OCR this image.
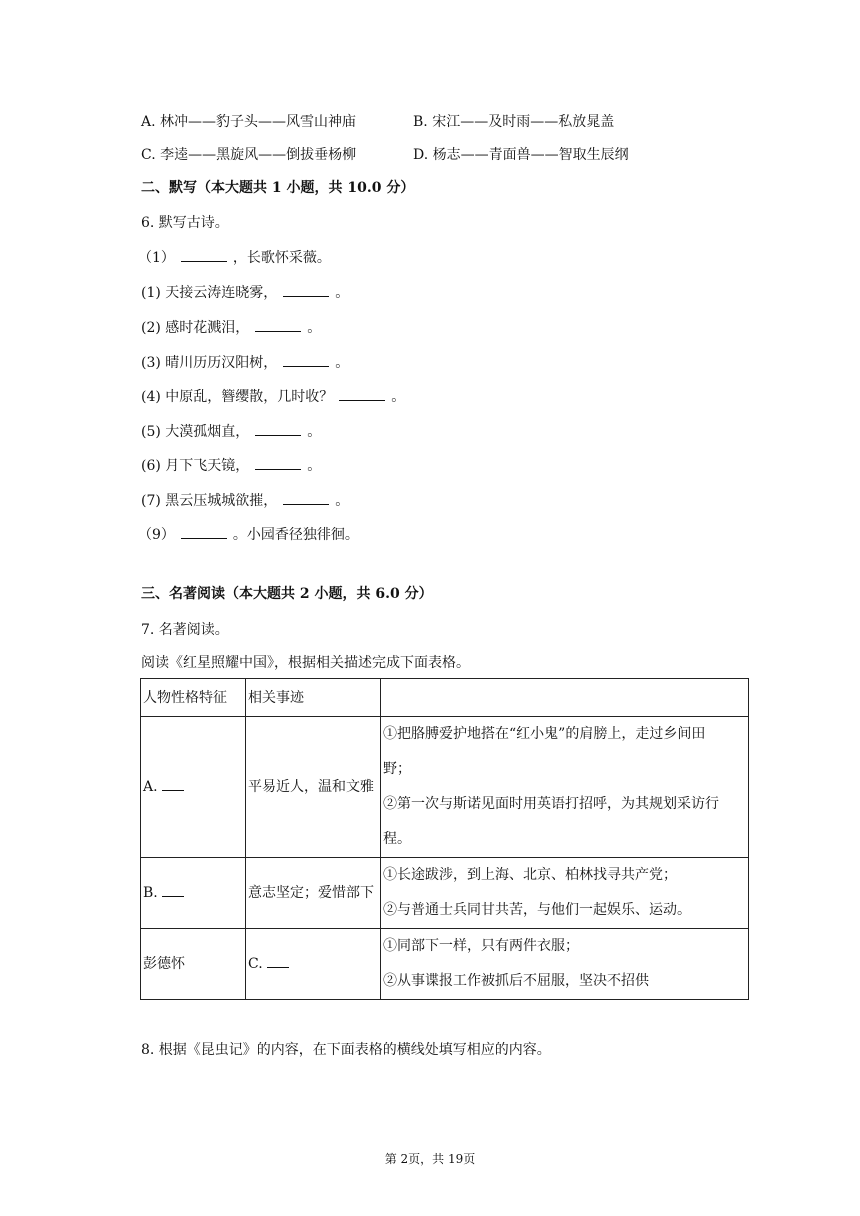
A. 林冲——豹子头——风雪山神庙	B. 宋江——及时雨——私放晁盖
C. 李逵——黑旋风——倒拔垂杨柳	D. 杨志——青面兽——智取生辰纲
二、默写（本大题共 1 小题，共 10.0 分）
6. 默写古诗。
（1）	，长歌怀采薇。
(1) 天接云涛连晓雾，	。
(2) 感时花溅泪，	。
(3) 晴川历历汉阳树，	。
(4) 中原乱，簪缨散，几时收？	。
(5) 大漠孤烟直，	。
(6) 月下飞天镜，	。
(7) 黑云压城城欲摧，	。
（9）	。小园香径独徘徊。
三、名著阅读（本大题共 2 小题，共 6.0 分）
7. 名著阅读。
阅读《红星照耀中国》，根据相关描述完成下面表格。
人物性格特征	相关事迹	
A.	平易近人，温和文雅	①把胳膊爱护地搭在“红小鬼”的肩膀上，走过乡间田
野；
②第一次与斯诺见面时用英语打招呼，为其规划采访行
程。

B.	意志坚定；爱惜部下	①长途跋涉，到上海、北京、柏林找寻共产党；
②与普通士兵同甘共苦，与他们一起娱乐、运动。

彭德怀	C.	①同部下一样，只有两件衣服；
②从事谍报工作被抓后不屈服，坚决不招供
8. 根据《昆虫记》的内容，在下面表格的横线处填写相应的内容。
第 2页，共 19页
